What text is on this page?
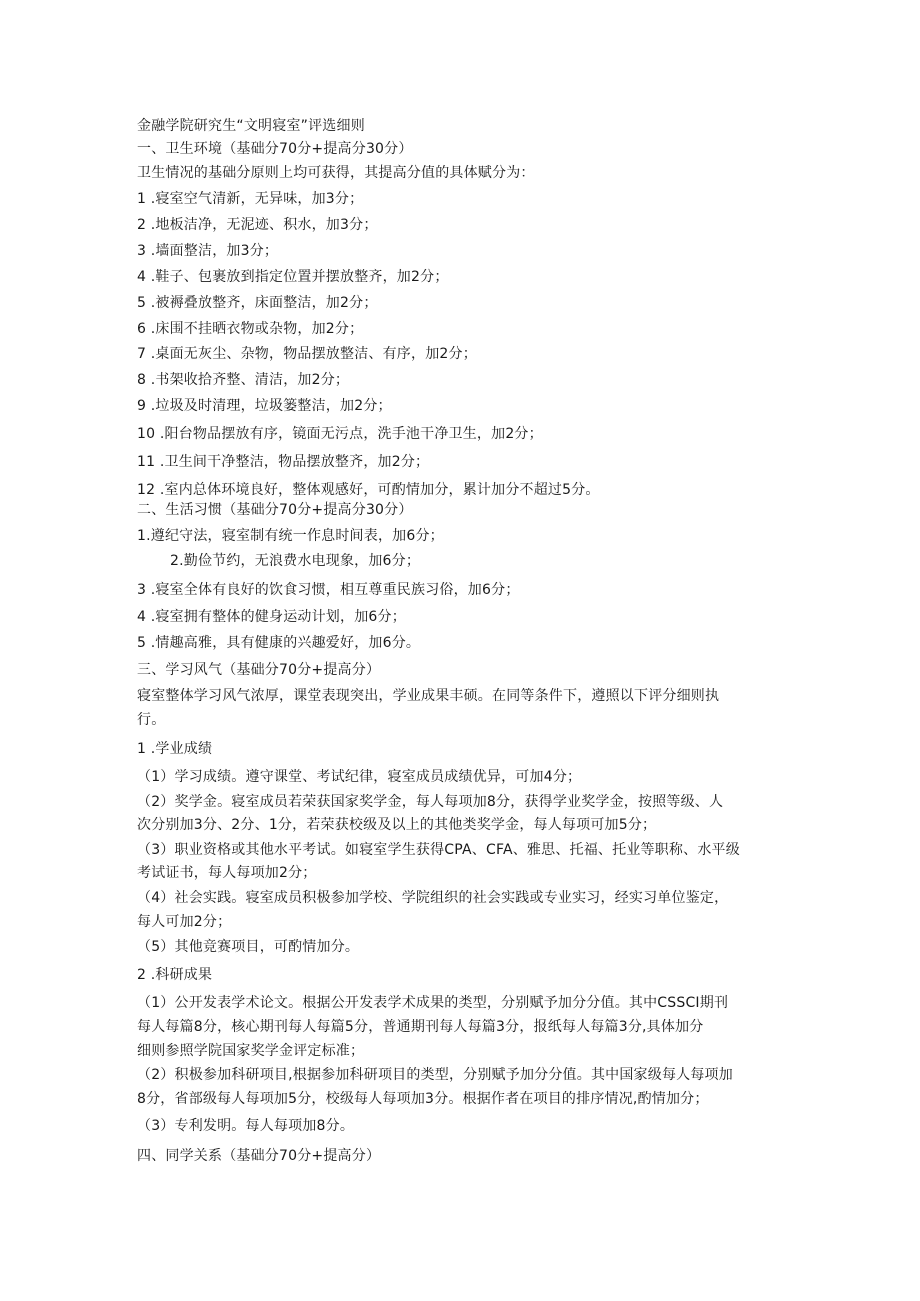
金融学院研究生“文明寝室”评选细则
一、卫生环境（基础分70分+提高分30分）
卫生情况的基础分原则上均可获得，其提高分值的具体赋分为：
1 .寝室空气清新，无异味，加3分；
2 .地板洁净，无泥迹、积水，加3分；
3 .墙面整洁，加3分；
4 .鞋子、包裹放到指定位置并摆放整齐，加2分；
5 .被褥叠放整齐，床面整洁，加2分；
6 .床围不挂晒衣物或杂物，加2分；
7 .桌面无灰尘、杂物，物品摆放整洁、有序，加2分；
8 .书架收拾齐整、清洁，加2分；
9 .垃圾及时清理，垃圾篓整洁，加2分；
10 .阳台物品摆放有序，镜面无污点，洗手池干净卫生，加2分；
11 .卫生间干净整洁，物品摆放整齐，加2分；
12 .室内总体环境良好，整体观感好，可酌情加分，累计加分不超过5分。
二、生活习惯（基础分70分+提高分30分）
1.遵纪守法，寝室制有统一作息时间表，加6分；
2.勤俭节约，无浪费水电现象，加6分；
3 .寝室全体有良好的饮食习惯，相互尊重民族习俗，加6分；
4 .寝室拥有整体的健身运动计划，加6分；
5 .情趣高雅，具有健康的兴趣爱好，加6分。
三、学习风气（基础分70分+提高分）
寝室整体学习风气浓厚，课堂表现突出，学业成果丰硕。在同等条件下，遵照以下评分细则执
行。
1 .学业成绩
（1）学习成绩。遵守课堂、考试纪律，寝室成员成绩优异，可加4分；
（2）奖学金。寝室成员若荣获国家奖学金，每人每项加8分，获得学业奖学金，按照等级、人
次分别加3分、2分、1分，若荣获校级及以上的其他类奖学金，每人每项可加5分；
（3）职业资格或其他水平考试。如寝室学生获得CPA、CFA、雅思、托福、托业等职称、水平级
考试证书，每人每项加2分；
（4）社会实践。寝室成员积极参加学校、学院组织的社会实践或专业实习，经实习单位鉴定，
每人可加2分；
（5）其他竞赛项目，可酌情加分。
2 .科研成果
（1）公开发表学术论文。根据公开发表学术成果的类型，分别赋予加分分值。其中CSSCI期刊
每人每篇8分，核心期刊每人每篇5分，普通期刊每人每篇3分，报纸每人每篇3分,具体加分
细则参照学院国家奖学金评定标准；
（2）积极参加科研项目,根据参加科研项目的类型，分别赋予加分分值。其中国家级每人每项加
8分，省部级每人每项加5分，校级每人每项加3分。根据作者在项目的排序情况,酌情加分；
（3）专利发明。每人每项加8分。
四、同学关系（基础分70分+提高分）
